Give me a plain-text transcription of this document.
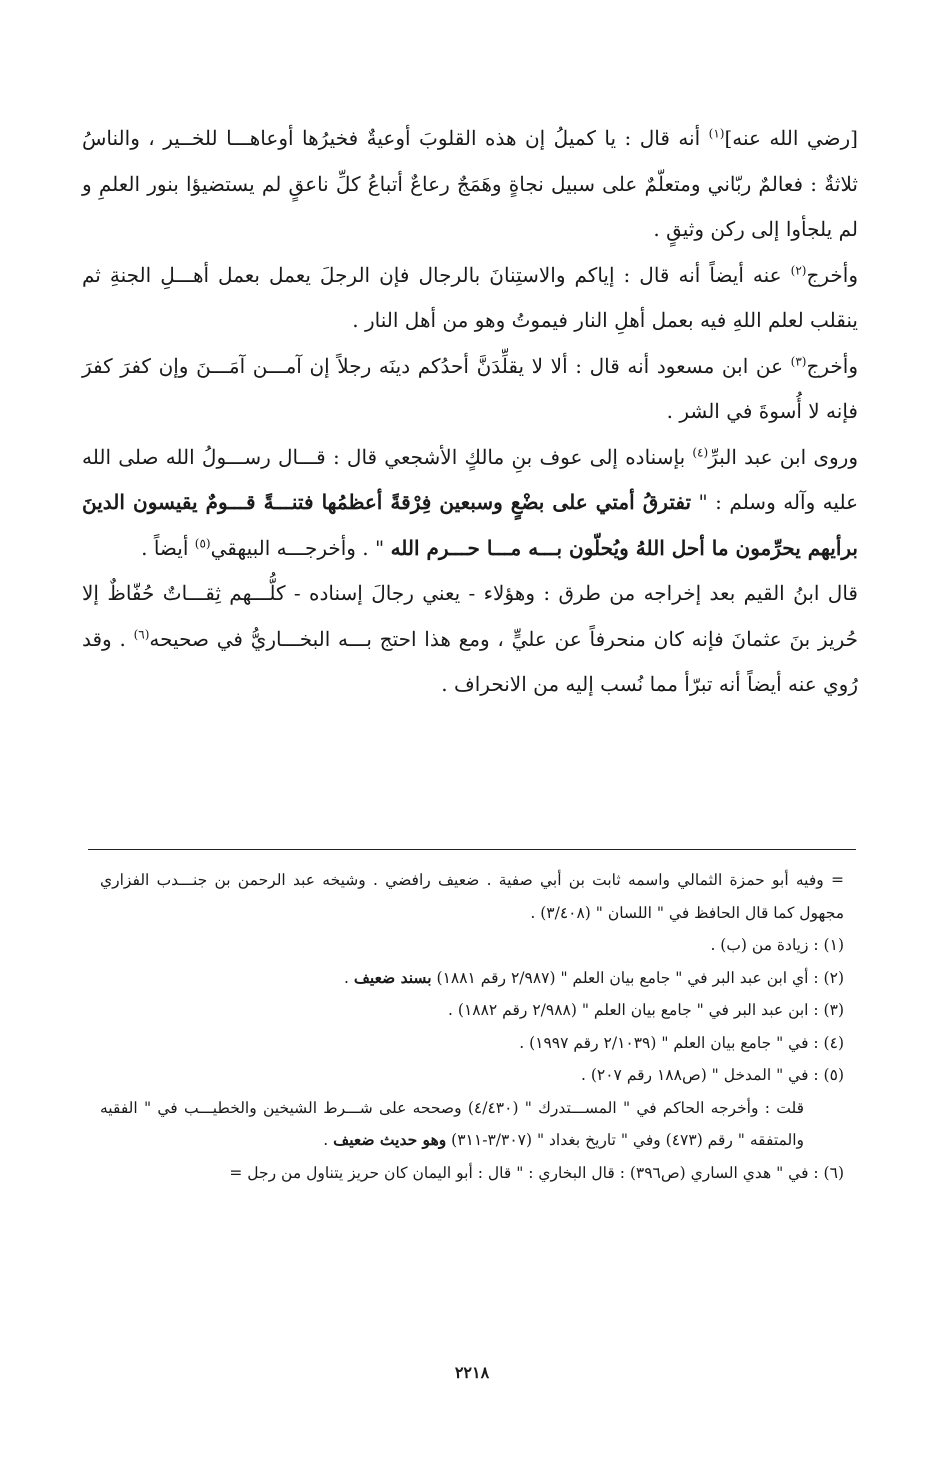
[رضي الله عنه]$^{(١)}$ أنه قال : يا كميلُ إن هذه القلوبَ أوعيةٌ فخيرُها أوعاهـــا للخــير ، والناسُ ثلاثةٌ : فعالمٌ ربّاني ومتعلّمٌ على سبيل نجاةٍ وهَمَجٌ رعاعٌ أتباعُ كلِّ ناعقٍ لم يستضيؤا بنور العلمِ و لم يلجأوا إلى ركن وثيقٍ .

وأخرج$^{(٢)}$ عنه أيضاً أنه قال : إياكم والاستِنانَ بالرجال فإن الرجلَ يعمل بعمل أهـــلِ الجنةِ ثم ينقلب لعلم اللهِ فيه بعمل أهلِ النار فيموتُ وهو من أهل النار .

وأخرج$^{(٣)}$ عن ابن مسعود أنه قال : ألا لا يقلِّدَنَّ أحدُكم دينَه رجلاً إن آمـــن آمَـــنَ وإن كفرَ كفرَ فإنه لا أُسوةَ في الشر .

وروى ابن عبد البرِّ$^{(٤)}$ بإسناده إلى عوف بنِ مالكٍ الأشجعي قال : قـــال رســـولُ الله صلى الله عليه وآله وسلم : " تفترقُ أمتي على بضْعٍ وسبعين فِرْقةً أعظمُها فتنـــةً قـــومٌ يقيسون الدينَ برأيهم يحرِّمون ما أحل اللهُ ويُحلّون بـــه مـــا حـــرم الله " . وأخرجـــه البيهقي$^{(٥)}$ أيضاً .

قال ابنُ القيم بعد إخراجه من طرق : وهؤلاء - يعني رجالَ إسناده - كلُّـــهم ثِقـــاتٌ حُفّاظٌ إلا حُريز بنَ عثمانَ فإنه كان منحرفاً عن عليٍّ ، ومع هذا احتج بـــه البخـــاريُّ في صحيحه$^{(٦)}$ . وقد رُوي عنه أيضاً أنه تبرّأ مما نُسب إليه من الانحراف .

= وفيه أبو حمزة الثمالي واسمه ثابت بن أبي صفية . ضعيف رافضي . وشيخه عبد الرحمن بن جنـــدب الفزاري مجهول كما قال الحافظ في " اللسان " (٣/٤٠٨) .

(١) : زيادة من (ب) .

(٢) : أي ابن عبد البر في " جامع بيان العلم " (٢/٩٨٧ رقم ١٨٨١) بسند ضعيف .

(٣) : ابن عبد البر في " جامع بيان العلم " (٢/٩٨٨ رقم ١٨٨٢) .

(٤) : في " جامع بيان العلم " (٢/١٠٣٩ رقم ١٩٩٧) .

(٥) : في " المدخل " (ص١٨٨ رقم ٢٠٧) .

قلت : وأخرجه الحاكم في " المســـتدرك " (٤/٤٣٠) وصححه على شـــرط الشيخين والخطيـــب في " الفقيه والمتفقه " رقم (٤٧٣) وفي " تاريخ بغداد " (٣/٣٠٧-٣١١) وهو حديث ضعيف .

(٦) : في " هدي الساري (ص٣٩٦) : قال البخاري : " قال : أبو اليمان كان حريز يتناول من رجل =

٢٢١٨
